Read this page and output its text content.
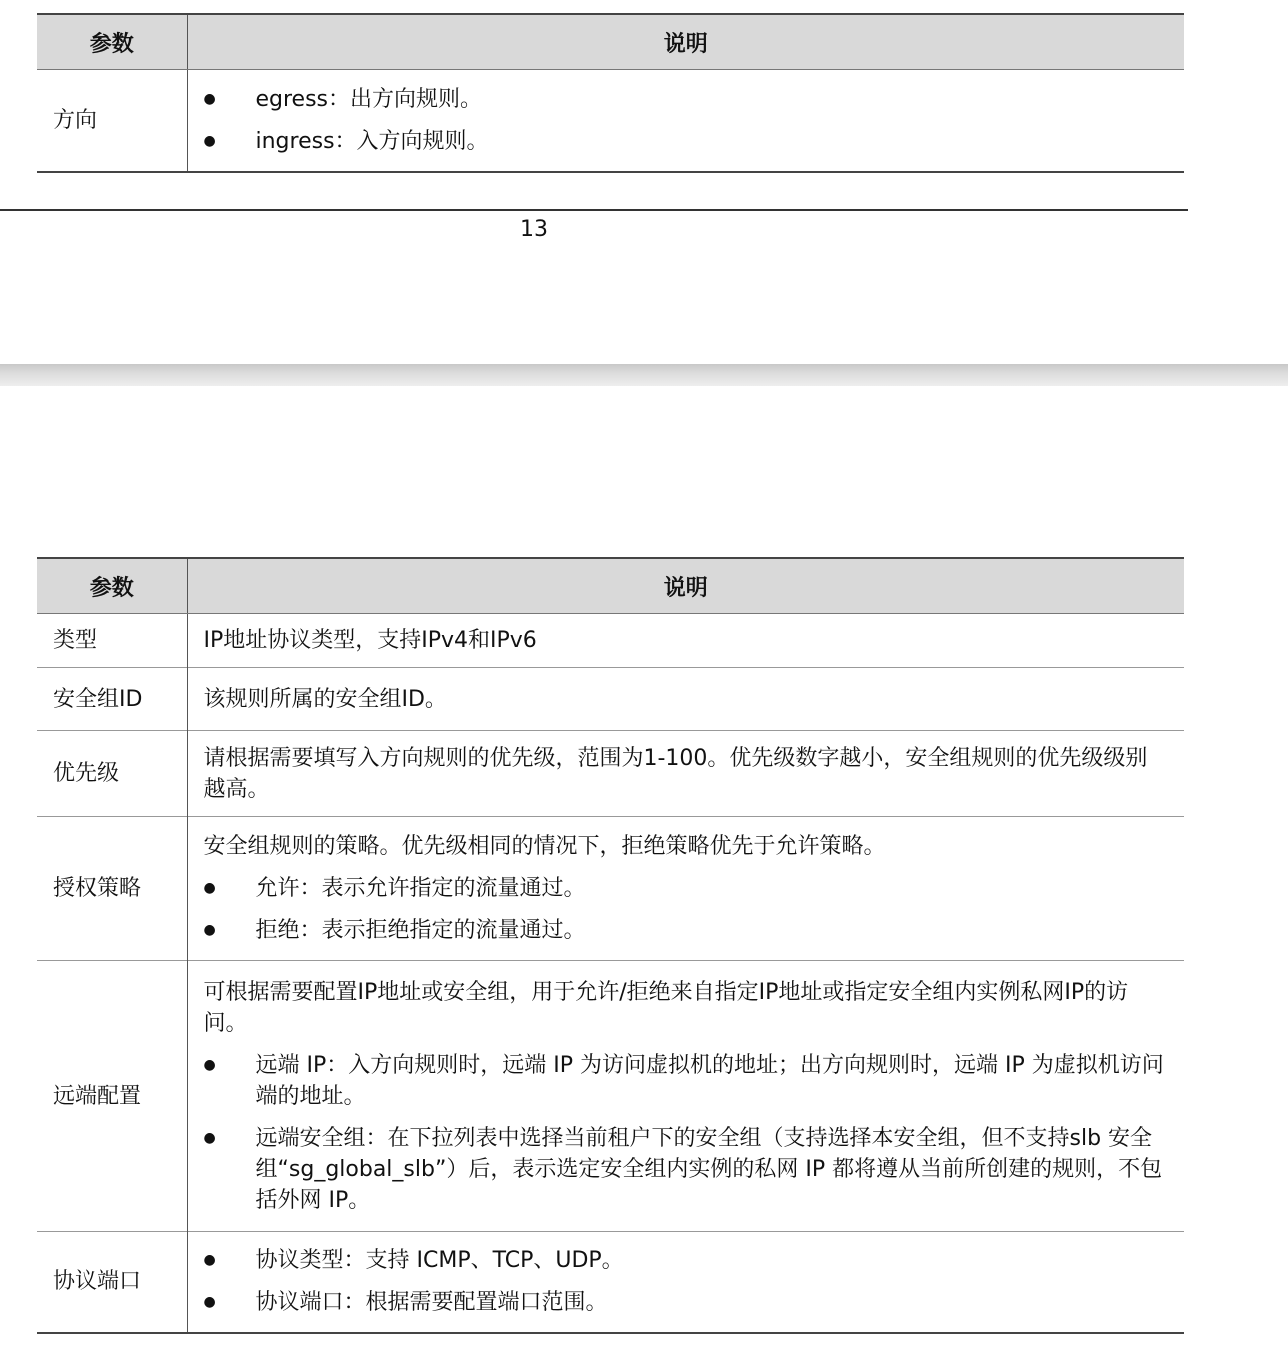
参数	说明
方向	● egress：出方向规则。
● ingress：入方向规则。
13
参数	说明
类型	IP地址协议类型，支持IPv4和IPv6
安全组ID	该规则所属的安全组ID。
优先级	请根据需要填写入方向规则的优先级，范围为1-100。优先级数字越小，安全组规则的优先级级别越高。
授权策略	安全组规则的策略。优先级相同的情况下，拒绝策略优先于允许策略。
● 允许：表示允许指定的流量通过。
● 拒绝：表示拒绝指定的流量通过。

远端配置	可根据需要配置IP地址或安全组，用于允许/拒绝来自指定IP地址或指定安全组内实例私网IP的访问。
● 远端 IP：入方向规则时，远端 IP 为访问虚拟机的地址；出方向规则时，远端 IP 为虚拟机访问端的地址。
● 远端安全组：在下拉列表中选择当前租户下的安全组（支持选择本安全组，但不支持slb 安全组“sg_global_slb”）后，表示选定安全组内实例的私网 IP 都将遵从当前所创建的规则，不包括外网 IP。

协议端口	● 协议类型：支持 ICMP、TCP、UDP。
● 协议端口：根据需要配置端口范围。
